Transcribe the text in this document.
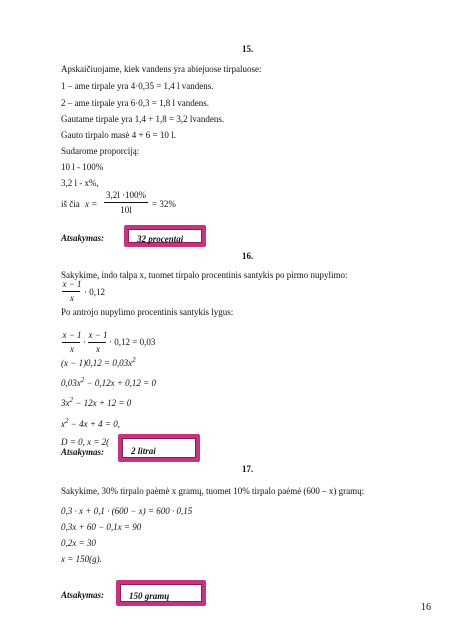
15.
Apskaičiuojame, kiek vandens yra abiejuose tirpaluose:
1 – ame tirpale yra 4·0,35 = 1,4 l vandens.
2 – ame tirpale yra 6·0,3 = 1,8 l vandens.
Gautame tirpale yra 1,4 + 1,8 = 3,2 lvandens.
Gauto tirpalo masė 4 + 6 = 10 l.
Sudarome proporciją:
10 l - 100%
3,2 l - x%,
iš čia x =
3,2l ·100%
10l
= 32%
Atsakymas:	32 procentai
16.
Sakykime, indo talpa x, tuomet tirpalo procentinis santykis po pirmo nupylimo:
x − 1
x
· 0,12
Po antrojo nupylimo procentinis santykis lygus:
x − 1
x
·
x − 1
x
· 0,12 = 0,03
$(x - 1)0,12 = 0,03x^2$
$0,03x^2 - 0,12x + 0,12 = 0$
$3x^2 - 12x + 12 = 0$
$x^2 - 4x + 4 = 0$,
D = 0, x = 2(
Atsakymas:	2 litrai
17.
Sakykime, 30% tirpalo paėmė x gramų, tuomet 10% tirpalo paėmė (600 – x) gramų:
0,3 · x + 0,1 · (600 − x) = 600 · 0,15
0,3x + 60 − 0,1x = 90
0,2x = 30
x = 150(g).
Atsakymas:	150 gramų
16
